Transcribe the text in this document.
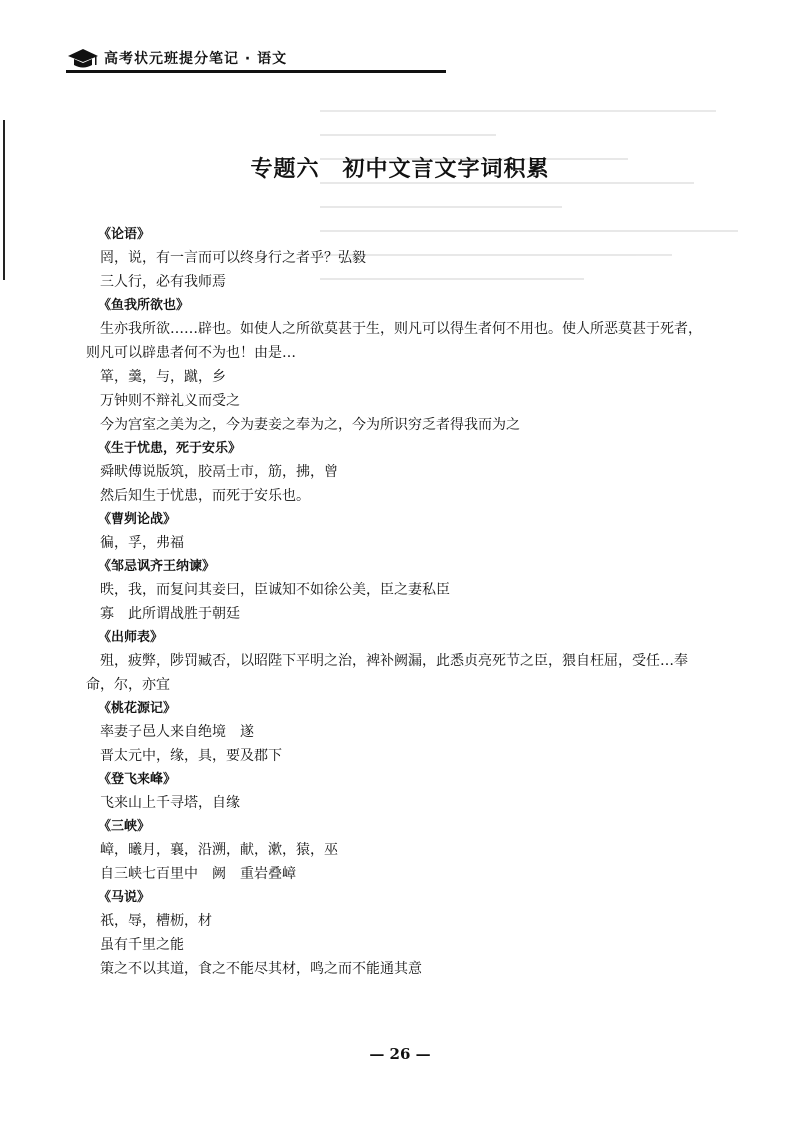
高考状元班提分笔记 · 语文
专题六　初中文言文字词积累
《论语》
罔，说，有一言而可以终身行之者乎？弘毅
三人行，必有我师焉
《鱼我所欲也》
生亦我所欲……辟也。如使人之所欲莫甚于生，则凡可以得生者何不用也。使人所恶莫甚于死者，
则凡可以辟患者何不为也！由是…
箪，羹，与，蹴，乡
万钟则不辩礼义而受之
今为宫室之美为之，今为妻妾之奉为之，今为所识穷乏者得我而为之
《生于忧患，死于安乐》
舜畎傅说版筑，胶鬲士市，筋，拂，曾
然后知生于忧患，而死于安乐也。
《曹刿论战》
徧，孚，弗福
《邹忌讽齐王纳谏》
昳，我，而复问其妾曰，臣诚知不如徐公美，臣之妻私臣
寡　此所谓战胜于朝廷
《出师表》
殂，疲弊，陟罚臧否，以昭陛下平明之治，裨补阙漏，此悉贞亮死节之臣，猥自枉屈，受任…奉
命，尔，亦宜
《桃花源记》
率妻子邑人来自绝境　遂
晋太元中，缘，具，要及郡下
《登飞来峰》
飞来山上千寻塔，自缘
《三峡》
嶂，曦月，襄，沿溯，献，漱，猿，巫
自三峡七百里中　阙　重岩叠嶂
《马说》
祇，辱，槽枥，材
虽有千里之能
策之不以其道，食之不能尽其材，鸣之而不能通其意
— 26 —
